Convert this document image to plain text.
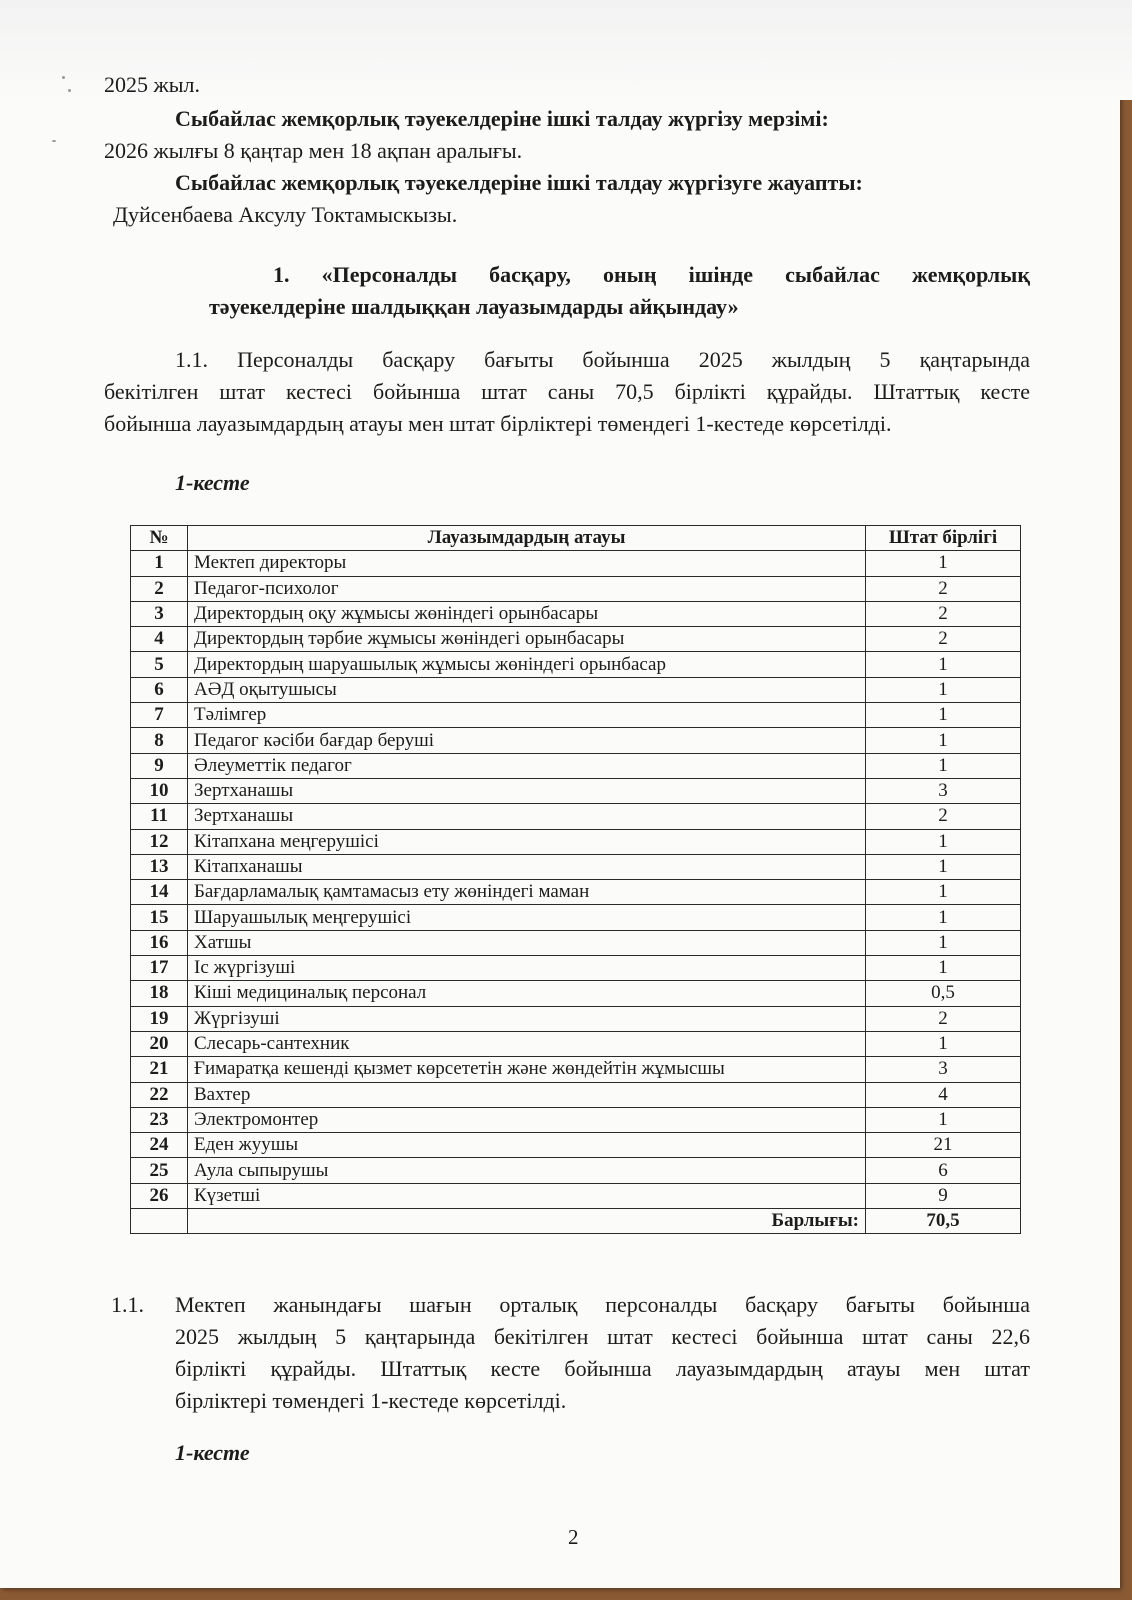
2025 жыл.
Сыбайлас жемқорлық тәуекелдеріне ішкі талдау жүргізу мерзімі:
2026 жылғы 8 қаңтар мен 18 ақпан аралығы.
Сыбайлас жемқорлық тәуекелдеріне ішкі талдау жүргізуге жауапты:
Дуйсенбаева Аксулу Токтамыскызы.
1. «Персоналды басқару, оның ішінде сыбайлас жемқорлық
тәуекелдеріне шалдыққан лауазымдарды айқындау»
1.1. Персоналды басқару бағыты бойынша 2025 жылдың 5 қаңтарында
бекітілген штат кестесі бойынша штат саны 70,5 бірлікті құрайды. Штаттық кесте
бойынша лауазымдардың атауы мен штат бірліктері төмендегі 1-кестеде көрсетілді.
1-кесте
№	Лауазымдардың атауы	Штат бірлігі
1	Мектеп директоры	1
2	Педагог-психолог	2
3	Директордың оқу жұмысы жөніндегі орынбасары	2
4	Директордың тәрбие жұмысы жөніндегі орынбасары	2
5	Директордың шаруашылық жұмысы жөніндегі орынбасар	1
6	АӘД оқытушысы	1
7	Тәлімгер	1
8	Педагог кәсіби бағдар беруші	1
9	Әлеуметтік педагог	1
10	Зертханашы	3
11	Зертханашы	2
12	Кітапхана меңгерушісі	1
13	Кітапханашы	1
14	Бағдарламалық қамтамасыз ету жөніндегі маман	1
15	Шаруашылық меңгерушісі	1
16	Хатшы	1
17	Іс жүргізуші	1
18	Кіші медициналық персонал	0,5
19	Жүргізуші	2
20	Слесарь-сантехник	1
21	Ғимаратқа кешенді қызмет көрсететін және жөндейтін жұмысшы	3
22	Вахтер	4
23	Электромонтер	1
24	Еден жуушы	21
25	Аула сыпырушы	6
26	Күзетші	9
	Барлығы:	70,5
1.1. Мектеп жанындағы шағын орталық персоналды басқару бағыты бойынша
2025 жылдың 5 қаңтарында бекітілген штат кестесі бойынша штат саны 22,6
бірлікті құрайды. Штаттық кесте бойынша лауазымдардың атауы мен штат
бірліктері төмендегі 1-кестеде көрсетілді.
1-кесте
2
